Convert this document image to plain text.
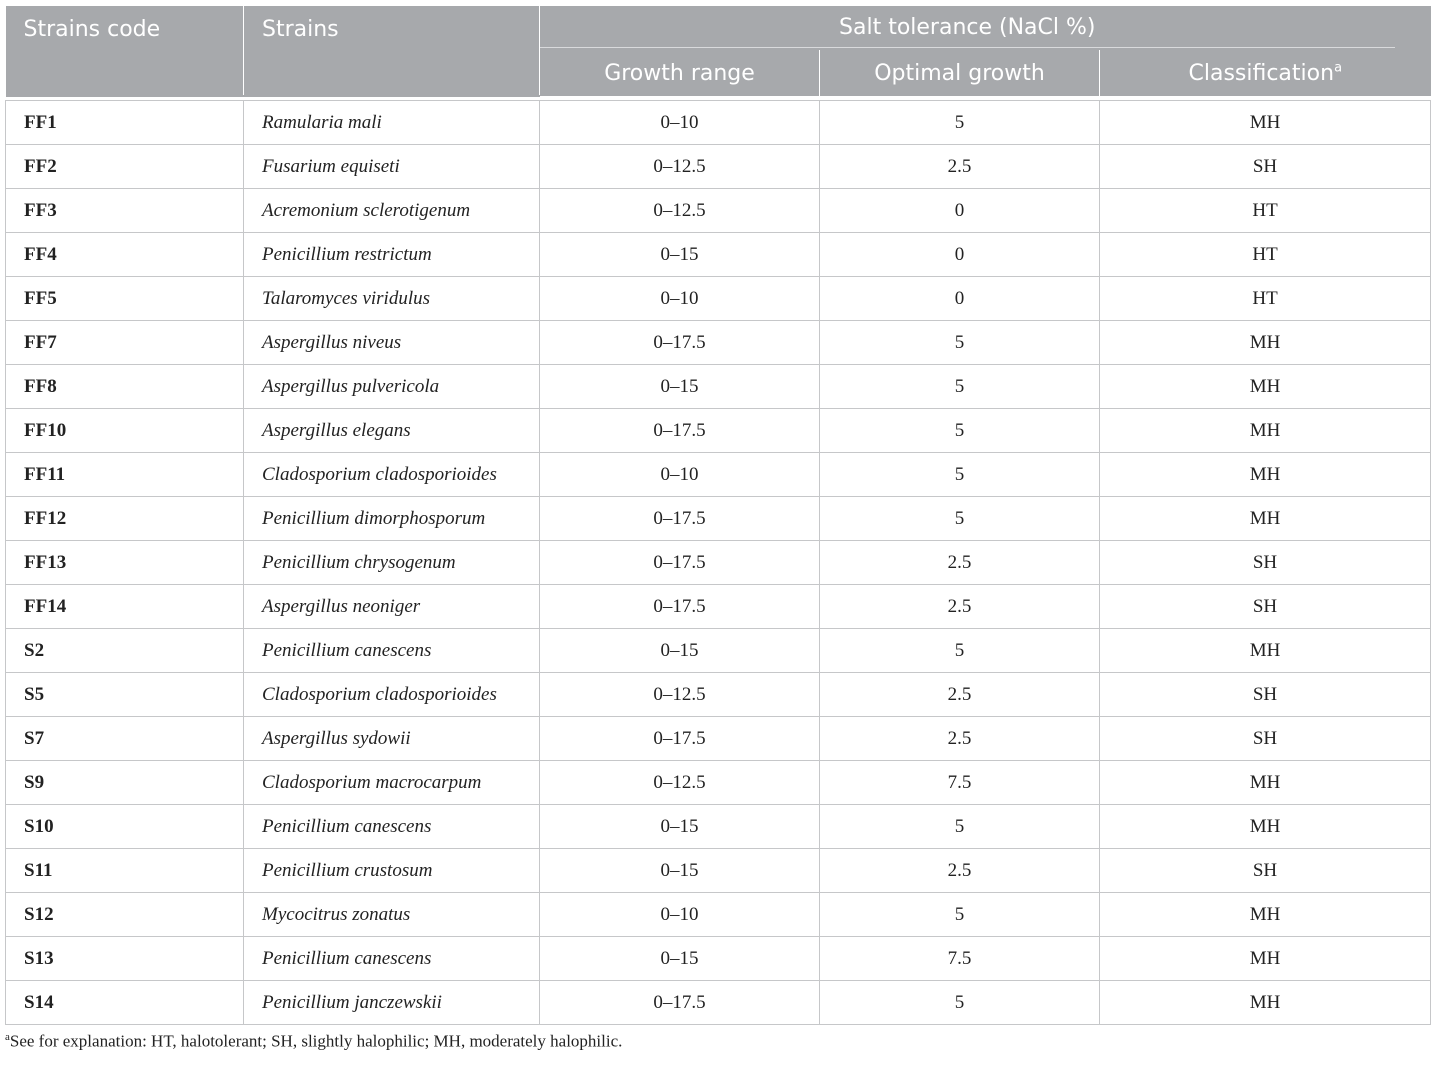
Strains code	Strains	Salt tolerance (NaCl %)		

		Growth range	Optimal growth	Classification$^a$

FF1	Ramularia mali	0–10	5	MH
FF2	Fusarium equiseti	0–12.5	2.5	SH
FF3	Acremonium sclerotigenum	0–12.5	0	HT
FF4	Penicillium restrictum	0–15	0	HT
FF5	Talaromyces viridulus	0–10	0	HT
FF7	Aspergillus niveus	0–17.5	5	MH
FF8	Aspergillus pulvericola	0–15	5	MH
FF10	Aspergillus elegans	0–17.5	5	MH
FF11	Cladosporium cladosporioides	0–10	5	MH
FF12	Penicillium dimorphosporum	0–17.5	5	MH
FF13	Penicillium chrysogenum	0–17.5	2.5	SH
FF14	Aspergillus neoniger	0–17.5	2.5	SH
S2	Penicillium canescens	0–15	5	MH
S5	Cladosporium cladosporioides	0–12.5	2.5	SH
S7	Aspergillus sydowii	0–17.5	2.5	SH
S9	Cladosporium macrocarpum	0–12.5	7.5	MH
S10	Penicillium canescens	0–15	5	MH
S11	Penicillium crustosum	0–15	2.5	SH
S12	Mycocitrus zonatus	0–10	5	MH
S13	Penicillium canescens	0–15	7.5	MH
S14	Penicillium janczewskii	0–17.5	5	MH
$^a$See for explanation: HT, halotolerant; SH, slightly halophilic; MH, moderately halophilic.
